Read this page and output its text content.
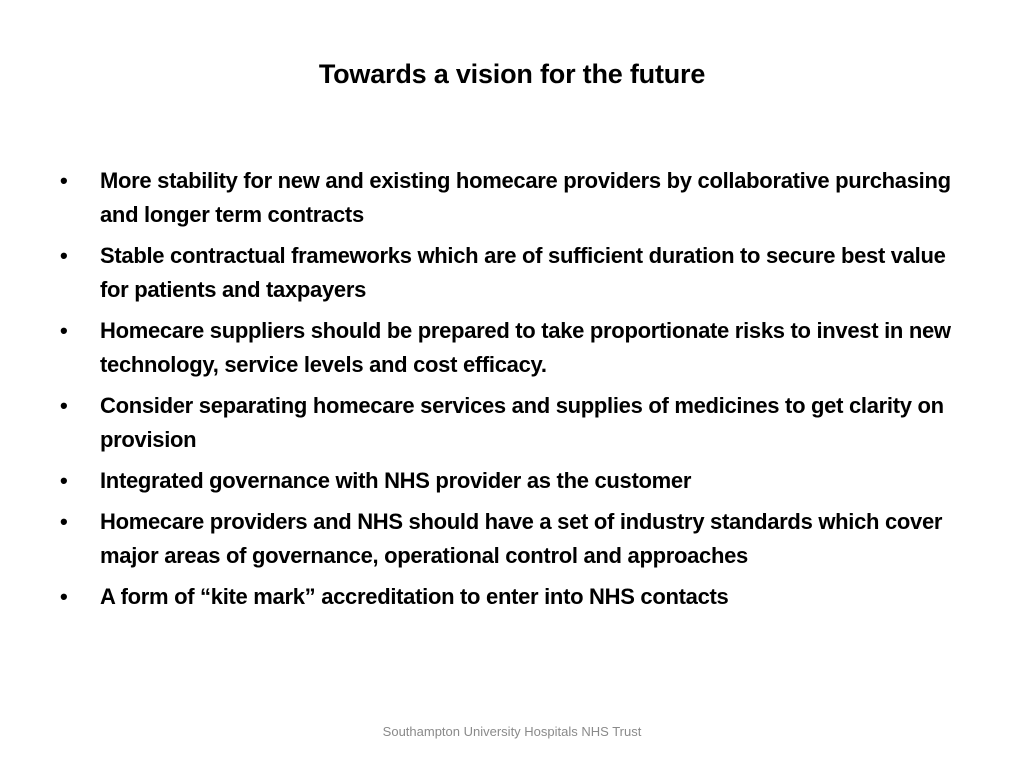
Towards a vision for the future
•	More stability for new and existing homecare providers by collaborative purchasing and longer term contracts
•	Stable contractual frameworks which are of sufficient duration to secure best value for patients and taxpayers
•	Homecare suppliers should be prepared to take proportionate risks to invest in new technology, service levels and cost efficacy.
•	Consider separating homecare services and supplies of medicines to get clarity on provision
•	Integrated governance with NHS provider as the customer
•	Homecare providers and NHS should have a set of industry standards which cover major areas of governance, operational control and approaches
•	A form of “kite mark” accreditation to enter into NHS contacts
Southampton University Hospitals NHS Trust
